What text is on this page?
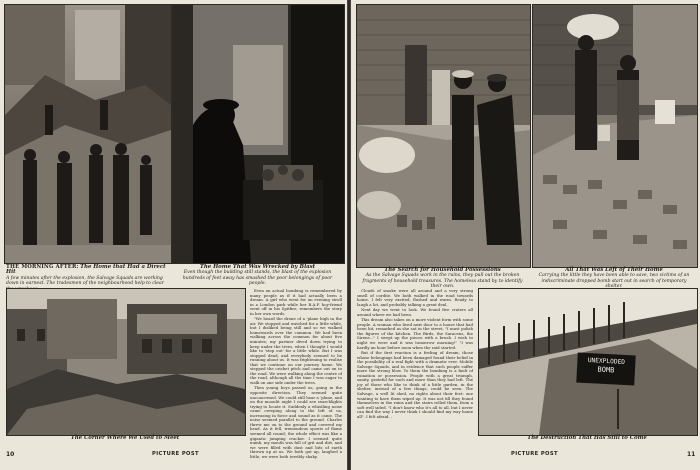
THE MORNING AFTER: The Home that Had a Direct Hit
A few minutes after the explosion, the Salvage Squads are working down in earnest. The tradesmen of the neighbourhood help to clear
The Home That Was Wrecked by Blast
Even though the building still stands, the blast of the explosion hundreds of feet away has smashed the poor belongings of poor people.
The Corner Where We Used to Meet

Even an actual bombing is remembered by many people as if it had actually been a dream. A girl who went for an evening stroll in a London park while her R.A.F. boy-friend went off in his Spitfire, remembers the story in her own words.

"We heard the drone of a 'plane high in the air. We stopped and watched for a little while, but I disliked being still and so we walked homewards over the common. We had been walking across the common for about five minutes; my partner dived down trying to keep under the trees, when I thought I would like to 'step out' for a little while. But I was stopped dead, and everybody seemed to be running about us. It was frightening to realise that we continue on our journey home. We stepped the cricket pitch and came out on to the road. We were walking along the centre of the road, although all the time I was eager to walk on one side under the trees.

Then young boys passed us, going in the opposite direction. They seemed quite unconcerned. We could still hear a 'plane, and on the moonlit night I could see searchlights trying to locate it. Suddenly a whistling noise came creeping along to the left of us, increasing in force and sound as it came. The noise seemed parallel to the ground. Charles threw me on to the ground and covered my head. As it fell, tremendous spouts of flame seemed all round; the whole effect was like a gigantic jumping cracker. I seemed quite numb, my mouth was full of grit and dirt, and we were filled with dust and bits of earth thrown up at us. We both got up, laughed a little, we were both terribly shaky.

10	PICTURE POST
The Search for Household Possessions
As the Salvage Squads work in the ruins, they pull out the broken fragments of household treasures. The homeless stand by to identify their own.
All That Was Left of Their Home
Carrying the little they have been able to save, two victims of an indiscriminate dropped bomb start out in search of temporary shelter.

Clouds of smoke were all around and a very strong smell of cordite. We both walked in the road towards home. I felt very excited, flushed and warm. Ready to laugh a lot, and probably talking a great deal.

Next day we went to look. We found five craters all around where we had been.

This dream also takes on a more violent form with some people. A woman who lived next door to a house that had been hit, remarked as she sat in the street, "I must polish the figures of the kitchen. The Birds, the Saracens, the Sirens..." I swept up the pieces with a brush. I wish to night we were and it was tomorrow morning!" "I was hardly an hour before noon when the raid started.

But if the first reaction is a feeling of dream, those whose belongings had been damaged found their belief in the possibility of a real fight with a dramatic ever. Mobile Salvage Squads, and in evidence that such people suffer more the strong blow. To them the bombing is a fault of ruination or possession. People with a great triumph, sanity, grateful for such and more than they had left. The joy of those who like to think of a little garden, in the shelter, instead of a few things, could be seen. The Salvage, a well lit shed, no rights about their feet: one wanting to have them wiped up. It was not till they found themselves in the ruins and the stairs rolled them, from a soft well sided. "I don't know who it's all to all, but I never can find the way I never think I should find my way home all". I felt afraid...

UNEXPLODED
BOMB
The Destruction That Has Still to Come
PICTURE POST	11
